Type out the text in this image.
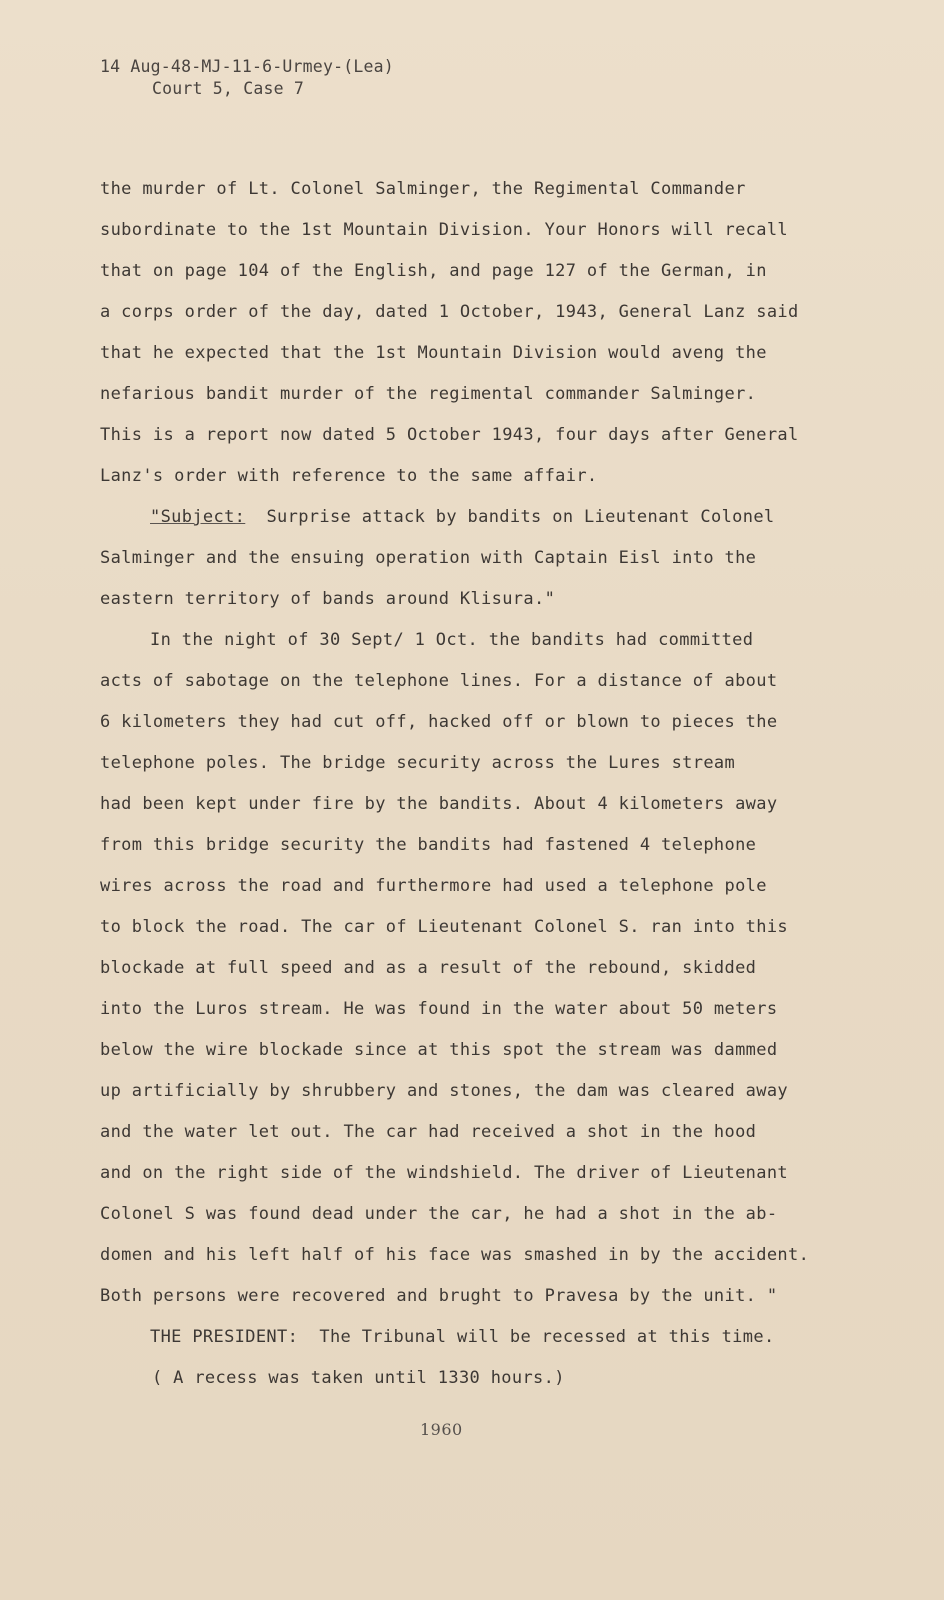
14 Aug-48-MJ-11-6-Urmey-(Lea)
Court 5, Case 7
the murder of Lt. Colonel Salminger, the Regimental Commander
subordinate to the 1st Mountain Division. Your Honors will recall
that on page 104 of the English, and page 127 of the German, in
a corps order of the day, dated 1 October, 1943, General Lanz said
that he expected that the 1st Mountain Division would aveng the
nefarious bandit murder of the regimental commander Salminger.
This is a report now dated 5 October 1943, four days after General
Lanz's order with reference to the same affair.
"Subject: Surprise attack by bandits on Lieutenant Colonel
Salminger and the ensuing operation with Captain Eisl into the
eastern territory of bands around Klisura."
In the night of 30 Sept/ 1 Oct. the bandits had committed
acts of sabotage on the telephone lines. For a distance of about
6 kilometers they had cut off, hacked off or blown to pieces the
telephone poles. The bridge security across the Lures stream
had been kept under fire by the bandits. About 4 kilometers away
from this bridge security the bandits had fastened 4 telephone
wires across the road and furthermore had used a telephone pole
to block the road. The car of Lieutenant Colonel S. ran into this
blockade at full speed and as a result of the rebound, skidded
into the Luros stream. He was found in the water about 50 meters
below the wire blockade since at this spot the stream was dammed
up artificially by shrubbery and stones, the dam was cleared away
and the water let out. The car had received a shot in the hood
and on the right side of the windshield. The driver of Lieutenant
Colonel S was found dead under the car, he had a shot in the ab-
domen and his left half of his face was smashed in by the accident.
Both persons were recovered and brught to Pravesa by the unit. "
THE PRESIDENT: The Tribunal will be recessed at this time.
( A recess was taken until 1330 hours.)
1960
